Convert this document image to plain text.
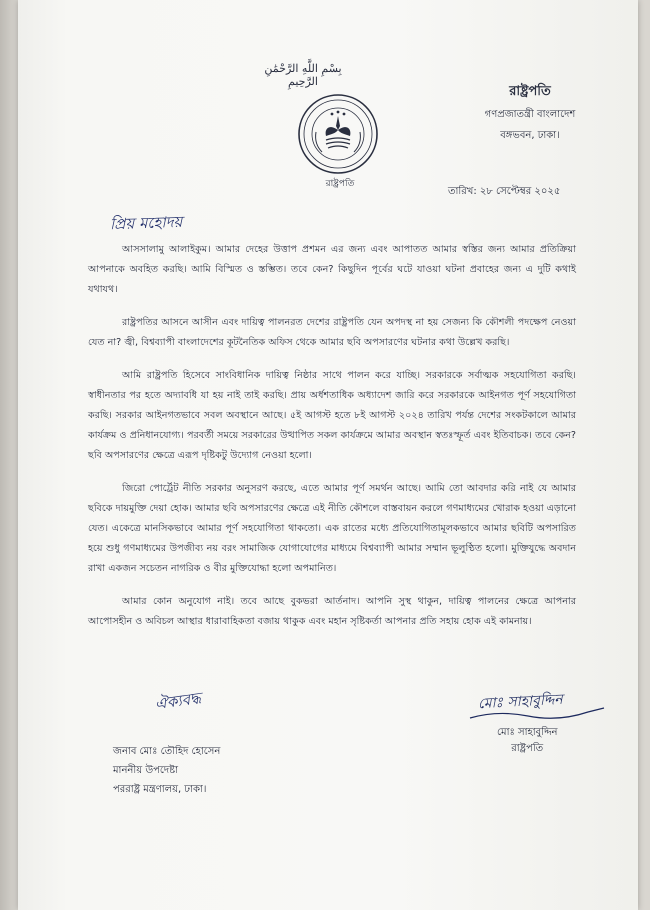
بِسْمِ اللَّهِ الرَّحْمَٰنِ الرَّحِيمِ
রাষ্ট্রপতি
রাষ্ট্রপতি
গণপ্রজাতন্ত্রী বাংলাদেশ
বঙ্গভবন, ঢাকা।
তারিখ: ২৮ সেপ্টেম্বর ২০২৫
প্রিয় মহোদয়

আসসালামু আলাইকুম। আমার দেহের উত্তাপ প্রশমন এর জন্য এবং আপাতত আমার স্বস্তির জন্য আমার প্রতিক্রিয়া আপনাকে অবহিত করছি। আমি বিস্মিত ও স্তম্ভিত। তবে কেন? কিছুদিন পূর্বের ঘটে যাওয়া ঘটনা প্রবাহের জন্য এ দুটি কথাই যথাযথ।

রাষ্ট্রপতির আসনে আসীন এবং দায়িত্ব পালনরত দেশের রাষ্ট্রপতি যেন অপদস্থ না হয় সেজন্য কি কৌশলী পদক্ষেপ নেওয়া যেত না? জ্বী, বিশ্বব্যাপী বাংলাদেশের কূটনৈতিক অফিস থেকে আমার ছবি অপসারণের ঘটনার কথা উল্লেখ করছি।

আমি রাষ্ট্রপতি হিসেবে সাংবিধানিক দায়িত্ব নিষ্ঠার সাথে পালন করে যাচ্ছি। সরকারকে সর্বাত্মক সহযোগিতা করছি। স্বাধীনতার পর হতে অদ্যাবধি যা হয় নাই তাই করছি। প্রায় অর্ধশতাধিক অধ্যাদেশ জারি করে সরকারকে আইনগত পূর্ণ সহযোগিতা করছি। সরকার আইনগতভাবে সবল অবস্থানে আছে। ৫ই আগস্ট হতে ৮ই আগস্ট ২০২৪ তারিখ পর্যন্ত দেশের সংকটকালে আমার কার্যক্রম ও প্রনিধানযোগ্য। পরবর্তী সময়ে সরকারের উত্থাপিত সকল কার্যক্রমে আমার অবস্থান স্বতঃস্ফূর্ত এবং ইতিবাচক। তবে কেন? ছবি অপসারণের ক্ষেত্রে এরূপ দৃষ্টিকটু উদ্যোগ নেওয়া হলো।

জিরো পোর্ট্রেট নীতি সরকার অনুসরণ করছে, এতে আমার পূর্ণ সমর্থন আছে। আমি তো আবদার করি নাই যে আমার ছবিকে দায়মুক্তি দেয়া হোক। আমার ছবি অপসারণের ক্ষেত্রে এই নীতি কৌশলে বাস্তবায়ন করলে গণমাধ্যমের খোরাক হওয়া এড়ানো যেত। একেত্রে মানসিকভাবে আমার পূর্ণ সহযোগিতা থাকতো। এক রাতের মধ্যে প্রতিযোগিতামূলকভাবে আমার ছবিটি অপসারিত হয়ে শুধু গণমাধ্যমের উপজীব্য নয় বরং সামাজিক যোগাযোগের মাধ্যমে বিশ্বব্যাপী আমার সম্মান ভূলুণ্ঠিত হলো। মুক্তিযুদ্ধে অবদান রাখা একজন সচেতন নাগরিক ও বীর মুক্তিযোদ্ধা হলো অপমানিত।

আমার কোন অনুযোগ নাই। তবে আছে বুকভরা আর্তনাদ। আপনি সুস্থ থাকুন, দায়িত্ব পালনের ক্ষেত্রে আপনার আপোসহীন ও অবিচল আস্থার ধারাবাহিকতা বজায় থাকুক এবং মহান সৃষ্টিকর্তা আপনার প্রতি সহায় হোক এই কামনায়।

ঐক্যবদ্ধ	মোঃ সাহাবুদ্দিন
মোঃ সাহাবুদ্দিন
রাষ্ট্রপতি
জনাব মোঃ তৌহিদ হোসেন
মাননীয় উপদেষ্টা
পররাষ্ট্র মন্ত্রণালয়, ঢাকা।
